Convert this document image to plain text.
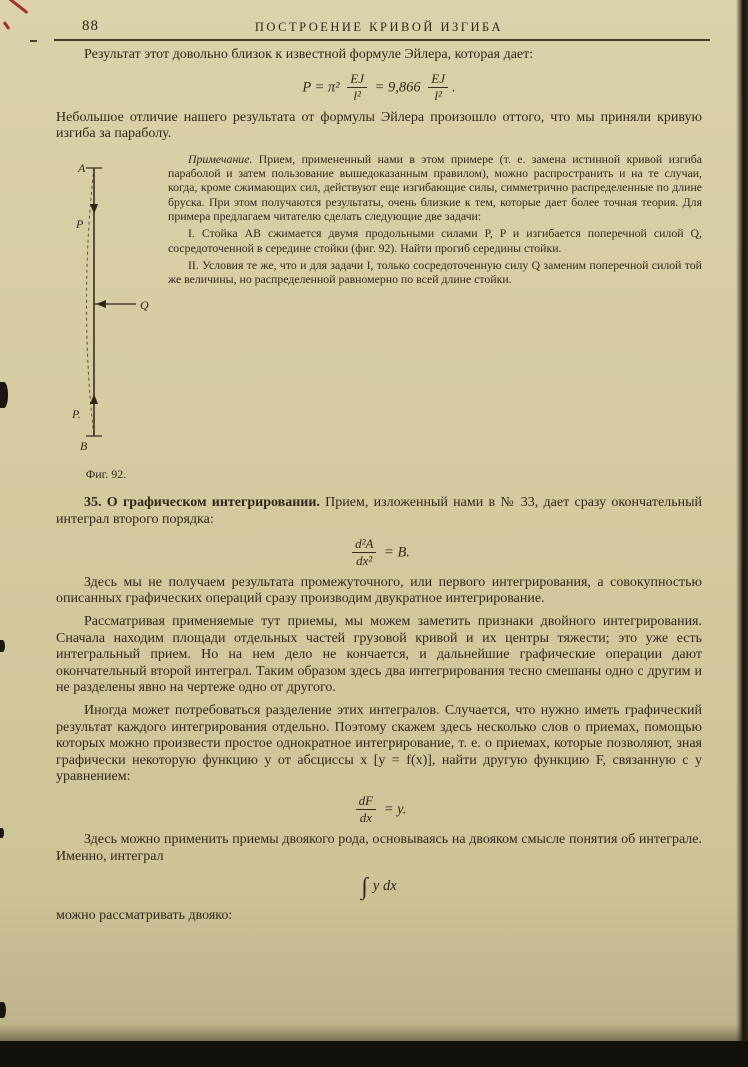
88	ПОСТРОЕНИЕ КРИВОЙ ИЗГИБА

Результат этот довольно близок к известной формуле Эйлера, которая дает:

$P = \pi^2 \frac{EJ}{\text{l²}} = 9,866 \frac{EJ}{\text{l²}}$ .

Небольшое отличие нашего результата от формулы Эйлера произошло оттого, что мы приняли кривую изгиба за параболу.

A
P
Q
P.
B
Фиг. 92.

Примечание. Прием, примененный нами в этом примере (т. е. замена истинной кривой изгиба параболой и затем пользование вышедоказанным правилом), можно распространить и на те случаи, когда, кроме сжимающих сил, действуют еще изгибающие силы, симметрично распределенные по длине бруска. При этом получаются результаты, очень близкие к тем, которые дает более точная теория. Для примера предлагаем читателю сделать следующие две задачи:

I. Стойка AB сжимается двумя продольными силами P, P и изгибается поперечной силой Q, сосредоточенной в середине стойки (фиг. 92). Найти прогиб середины стойки.

II. Условия те же, что и для задачи I, только сосредоточенную силу Q заменим поперечной силой той же величины, но распределенной равномерно по всей длине стойки.

35. О графическом интегрировании. Прием, изложенный нами в № 33, дает сразу окончательный интеграл второго порядка:

$\frac{\text{d²A}}{\text{dx²}} = B$.

Здесь мы не получаем результата промежуточного, или первого интегрирования, а совокупностью описанных графических операций сразу производим двукратное интегрирование.

Рассматривая применяемые тут приемы, мы можем заметить признаки двойного интегрирования. Сначала находим площади отдельных частей грузовой кривой и их центры тяжести; это уже есть интегральный прием. Но на нем дело не кончается, и дальнейшие графические операции дают окончательный второй интеграл. Таким образом здесь два интегрирования тесно смешаны одно с другим и не разделены явно на чертеже одно от другого.

Иногда может потребоваться разделение этих интегралов. Случается, что нужно иметь графический результат каждого интегрирования отдельно. Поэтому скажем здесь несколько слов о приемах, помощью которых можно произвести простое однократное интегрирование, т. е. о приемах, которые позволяют, зная графически некоторую функцию y от абсциссы x [y = f(x)], найти другую функцию F, связанную с y уравнением:

$\frac{dF}{dx} = y$.

Здесь можно применить приемы двоякого рода, основываясь на двояком смысле понятия об интеграле. Именно, интеграл

∫ y dx

можно рассматривать двояко:
